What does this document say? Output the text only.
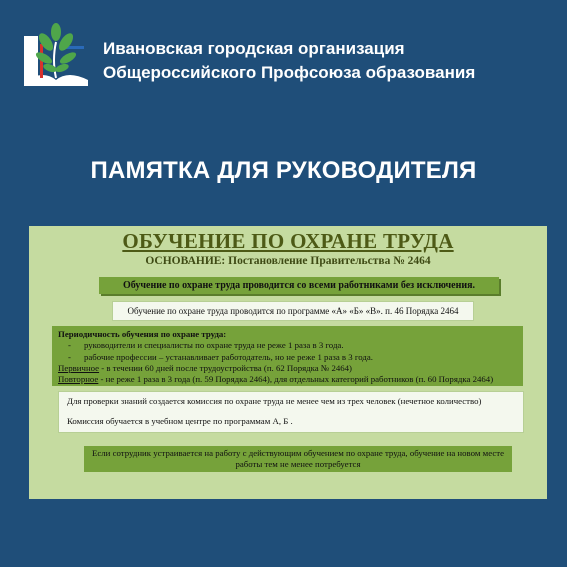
Ивановская городская организация
Общероссийского Профсоюза образования
ПАМЯТКА ДЛЯ РУКОВОДИТЕЛЯ
ОБУЧЕНИЕ ПО ОХРАНЕ ТРУДА
ОСНОВАНИЕ: Постановление Правительства № 2464
Обучение по охране труда проводится со всеми работниками без исключения.
Обучение по охране труда проводится по программе «А» «Б» «В». п. 46 Порядка 2464
Периодичность обучения по охране труда:
- руководители и специалисты по охране труда не реже 1 раза в 3 года.
- рабочие профессии – устанавливает работодатель, но не реже 1 раза в 3 года.
Первичное - в течении 60 дней после трудоустройства (п. 62 Порядка № 2464)
Повторное - не реже 1 раза в 3 года (п. 59 Порядка 2464), для отдельных категорий работников (п. 60 Порядка 2464)
Для проверки знаний создается комиссия по охране труда не менее чем из трех человек (нечетное количество)
Комиссия обучается в учебном центре по программам А, Б .
Если сотрудник устраивается на работу с действующим обучением по охране труда, обучение на новом месте работы тем не менее потребуется
